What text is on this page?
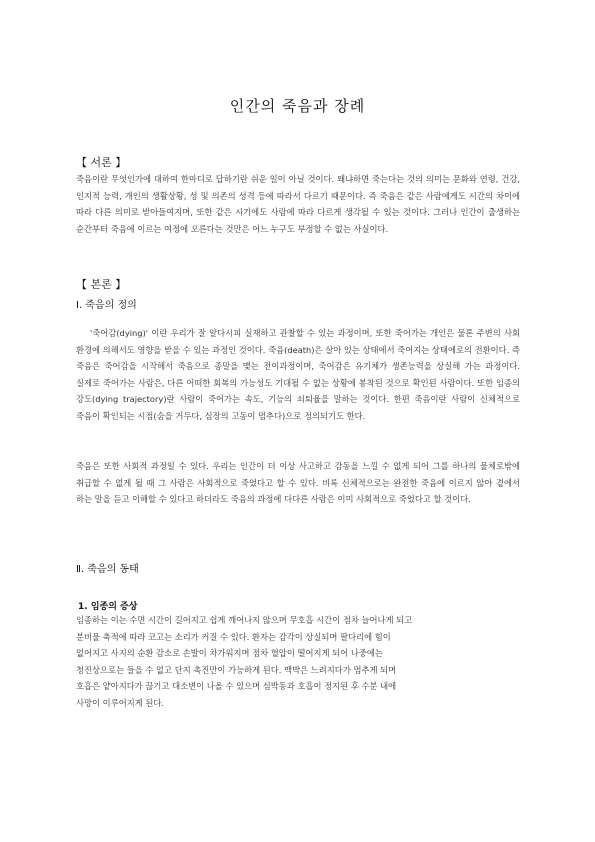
인간의 죽음과 장례
【 서론 】
죽음이란 무엇인가에 대하여 한마디로 답하기란 쉬운 일이 아닐 것이다. 왜냐하면 죽는다는 것의 의미는 문화와 연령, 건강, 인지적 능력, 개인의 생활상황, 성 및 의존의 성격 등에 따라서 다르기 때문이다. 즉 죽음은 같은 사람에게도 시간의 차이에 따라 다른 의미로 받아들여지며, 또한 같은 시기에도 사람에 따라 다르게 생각될 수 있는 것이다. 그러나 인간이 출생하는 순간부터 죽음에 이르는 여정에 오른다는 것만은 어느 누구도 부정할 수 없는 사실이다.
【 본론 】
Ⅰ. 죽음의 정의
'죽어감(dying)' 이란 우리가 잘 알다시피 실재하고 관찰할 수 있는 과정이며, 또한 죽어가는 개인은 물론 주변의 사회 환경에 의해서도 영향을 받을 수 있는 과정인 것이다. 죽음(death)은 살아 있는 상태에서 죽어지는 상태에로의 전환이다. 즉 죽음은 죽어감을 시작해서 죽음으로 종말을 맺는 전이과정이며, 죽어감은 유기체가 생존능력을 상실해 가는 과정이다. 실제로 죽어가는 사람은, 다른 어떠한 회복의 가능성도 기대될 수 없는 상황에 봉착된 것으로 확인된 사람이다. 또한 임종의 강도(dying trajectory)란 사람이 죽어가는 속도, 기능의 쇠퇴율을 말하는 것이다. 한편 죽음이란 사람이 신체적으로 죽음이 확인되는 시점(숨을 거두다, 심장의 고동이 멈추다)으로 정의되기도 한다.
죽음은 또한 사회적 과정일 수 있다. 우리는 인간이 더 이상 사고하고 감동을 느낄 수 없게 되어 그를 하나의 물체로밖에 취급할 수 없게 될 때 그 사람은 사회적으로 죽었다고 할 수 있다. 비록 신체적으로는 완전한 죽음에 이르지 않아 곁에서 하는 말을 듣고 이해할 수 있다고 하더라도 죽음의 과정에 다다른 사람은 이미 사회적으로 죽었다고 할 것이다.
Ⅱ. 죽음의 동태
1. 임종의 증상
임종하는 이는 수면 시간이 길어지고 쉽게 깨어나지 않으며 무호흡 시간이 점차 늘어나게 되고
분비물 축적에 따라 코고는 소리가 커질 수 있다. 환자는 감각이 상실되며 팔다리에 힘이
없어지고 사지의 순환 감소로 손발이 차가워지며 점차 혈압이 떨어지게 되어 나중에는
청진상으로는 들을 수 없고 단지 촉진만이 가능하게 된다. 맥박은 느려지다가 멈추게 되며
호흡은 얕아지다가 끊기고 대소변이 나올 수 있으며 심박동과 호흡이 정지된 후 수분 내에
사망이 이루어지게 된다.
